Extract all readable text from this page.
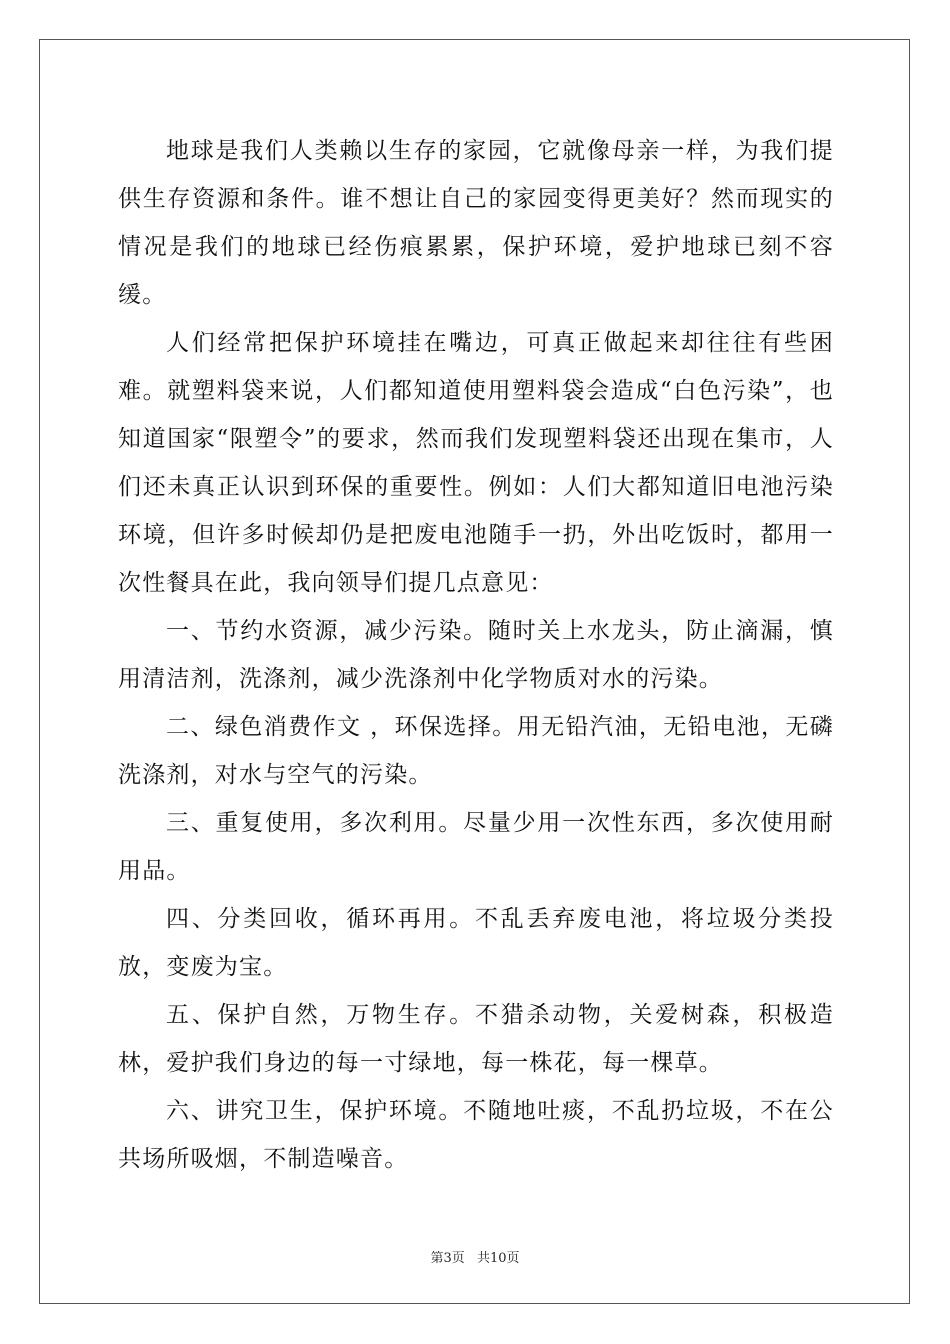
地球是我们人类赖以生存的家园，它就像母亲一样，为我们提供生存资源和条件。谁不想让自己的家园变得更美好？然而现实的情况是我们的地球已经伤痕累累，保护环境，爱护地球已刻不容缓。

人们经常把保护环境挂在嘴边，可真正做起来却往往有些困难。就塑料袋来说，人们都知道使用塑料袋会造成“白色污染”，也知道国家“限塑令”的要求，然而我们发现塑料袋还出现在集市，人们还未真正认识到环保的重要性。例如：人们大都知道旧电池污染环境，但许多时候却仍是把废电池随手一扔，外出吃饭时，都用一次性餐具在此，我向领导们提几点意见：

一、节约水资源，减少污染。随时关上水龙头，防止滴漏，慎用清洁剂，洗涤剂，减少洗涤剂中化学物质对水的污染。

二、绿色消费作文 ，环保选择。用无铅汽油，无铅电池，无磷洗涤剂，对水与空气的污染。

三、重复使用，多次利用。尽量少用一次性东西，多次使用耐用品。

四、分类回收，循环再用。不乱丢弃废电池，将垃圾分类投放，变废为宝。

五、保护自然，万物生存。不猎杀动物，关爱树森，积极造林，爱护我们身边的每一寸绿地，每一株花，每一棵草。

六、讲究卫生，保护环境。不随地吐痰，不乱扔垃圾，不在公共场所吸烟，不制造噪音。

第3页 共10页
